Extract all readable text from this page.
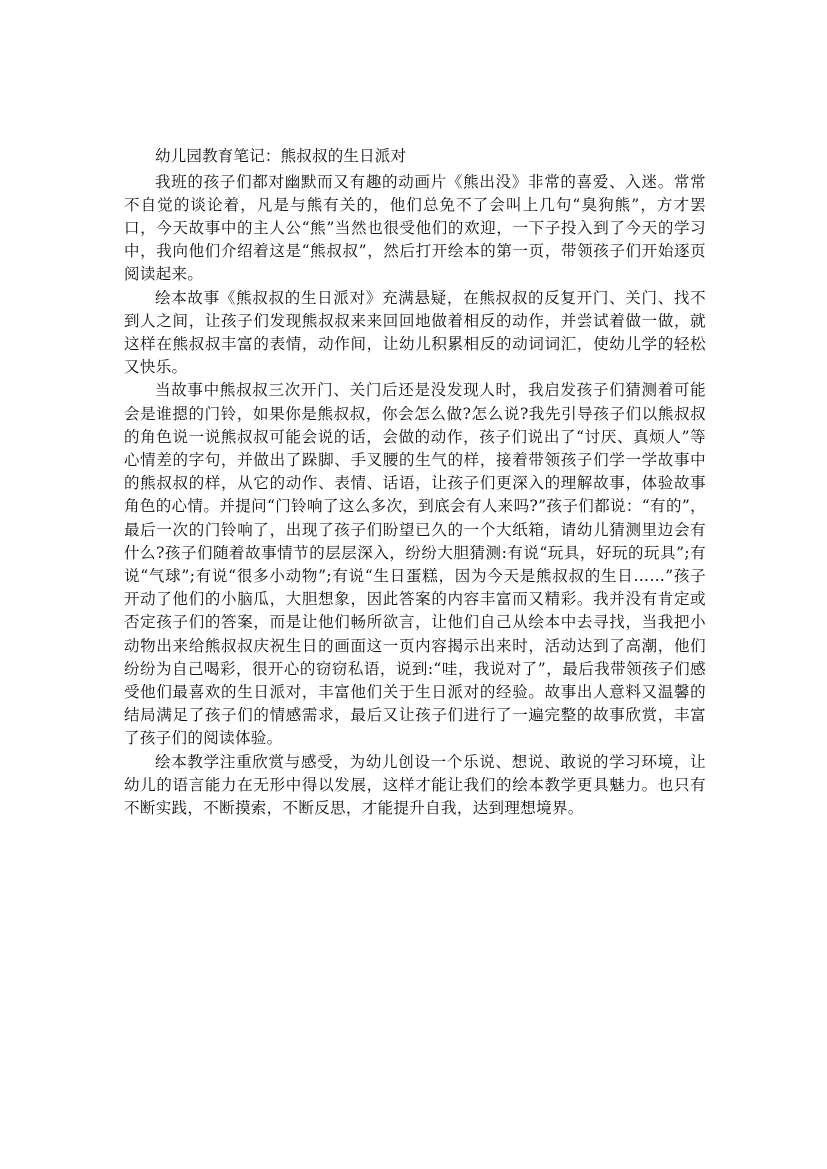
幼儿园教育笔记：熊叔叔的生日派对

我班的孩子们都对幽默而又有趣的动画片《熊出没》非常的喜爱、入迷。常常不自觉的谈论着，凡是与熊有关的，他们总免不了会叫上几句“臭狗熊”，方才罢口，今天故事中的主人公“熊”当然也很受他们的欢迎，一下子投入到了今天的学习中，我向他们介绍着这是“熊叔叔”，然后打开绘本的第一页，带领孩子们开始逐页阅读起来。

绘本故事《熊叔叔的生日派对》充满悬疑，在熊叔叔的反复开门、关门、找不到人之间，让孩子们发现熊叔叔来来回回地做着相反的动作，并尝试着做一做，就这样在熊叔叔丰富的表情，动作间，让幼儿积累相反的动词词汇，使幼儿学的轻松又快乐。

当故事中熊叔叔三次开门、关门后还是没发现人时，我启发孩子们猜测着可能会是谁摁的门铃，如果你是熊叔叔，你会怎么做?怎么说?我先引导孩子们以熊叔叔的角色说一说熊叔叔可能会说的话，会做的动作，孩子们说出了“讨厌、真烦人”等心情差的字句，并做出了跺脚、手叉腰的生气的样，接着带领孩子们学一学故事中的熊叔叔的样，从它的动作、表情、话语，让孩子们更深入的理解故事，体验故事角色的心情。并提问“门铃响了这么多次，到底会有人来吗?”孩子们都说：“有的”，最后一次的门铃响了，出现了孩子们盼望已久的一个大纸箱，请幼儿猜测里边会有什么?孩子们随着故事情节的层层深入，纷纷大胆猜测:有说“玩具，好玩的玩具”;有说“气球”;有说“很多小动物”;有说“生日蛋糕，因为今天是熊叔叔的生日……”孩子开动了他们的小脑瓜，大胆想象，因此答案的内容丰富而又精彩。我并没有肯定或否定孩子们的答案，而是让他们畅所欲言，让他们自己从绘本中去寻找，当我把小动物出来给熊叔叔庆祝生日的画面这一页内容揭示出来时，活动达到了高潮，他们纷纷为自己喝彩，很开心的窃窃私语，说到:“哇，我说对了”，最后我带领孩子们感受他们最喜欢的生日派对，丰富他们关于生日派对的经验。故事出人意料又温馨的结局满足了孩子们的情感需求，最后又让孩子们进行了一遍完整的故事欣赏，丰富了孩子们的阅读体验。

绘本教学注重欣赏与感受，为幼儿创设一个乐说、想说、敢说的学习环境，让幼儿的语言能力在无形中得以发展，这样才能让我们的绘本教学更具魅力。也只有不断实践，不断摸索，不断反思，才能提升自我，达到理想境界。
